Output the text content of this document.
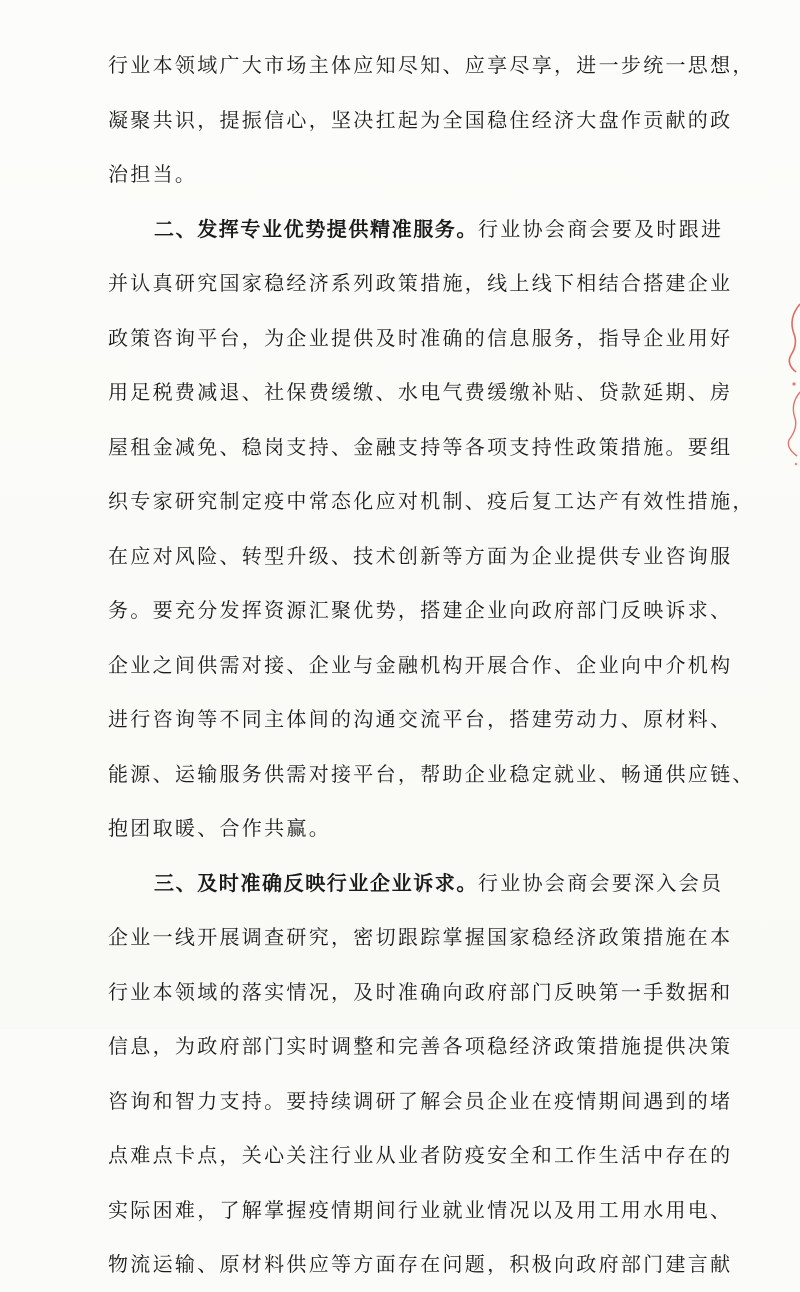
行业本领域广大市场主体应知尽知、应享尽享，进一步统一思想，
凝聚共识，提振信心，坚决扛起为全国稳住经济大盘作贡献的政
治担当。
二、发挥专业优势提供精准服务。行业协会商会要及时跟进
并认真研究国家稳经济系列政策措施，线上线下相结合搭建企业
政策咨询平台，为企业提供及时准确的信息服务，指导企业用好
用足税费减退、社保费缓缴、水电气费缓缴补贴、贷款延期、房
屋租金减免、稳岗支持、金融支持等各项支持性政策措施。要组
织专家研究制定疫中常态化应对机制、疫后复工达产有效性措施，
在应对风险、转型升级、技术创新等方面为企业提供专业咨询服
务。要充分发挥资源汇聚优势，搭建企业向政府部门反映诉求、
企业之间供需对接、企业与金融机构开展合作、企业向中介机构
进行咨询等不同主体间的沟通交流平台，搭建劳动力、原材料、
能源、运输服务供需对接平台，帮助企业稳定就业、畅通供应链、
抱团取暖、合作共赢。
三、及时准确反映行业企业诉求。行业协会商会要深入会员
企业一线开展调查研究，密切跟踪掌握国家稳经济政策措施在本
行业本领域的落实情况，及时准确向政府部门反映第一手数据和
信息，为政府部门实时调整和完善各项稳经济政策措施提供决策
咨询和智力支持。要持续调研了解会员企业在疫情期间遇到的堵
点难点卡点，关心关注行业从业者防疫安全和工作生活中存在的
实际困难，了解掌握疫情期间行业就业情况以及用工用水用电、
物流运输、原材料供应等方面存在问题，积极向政府部门建言献
